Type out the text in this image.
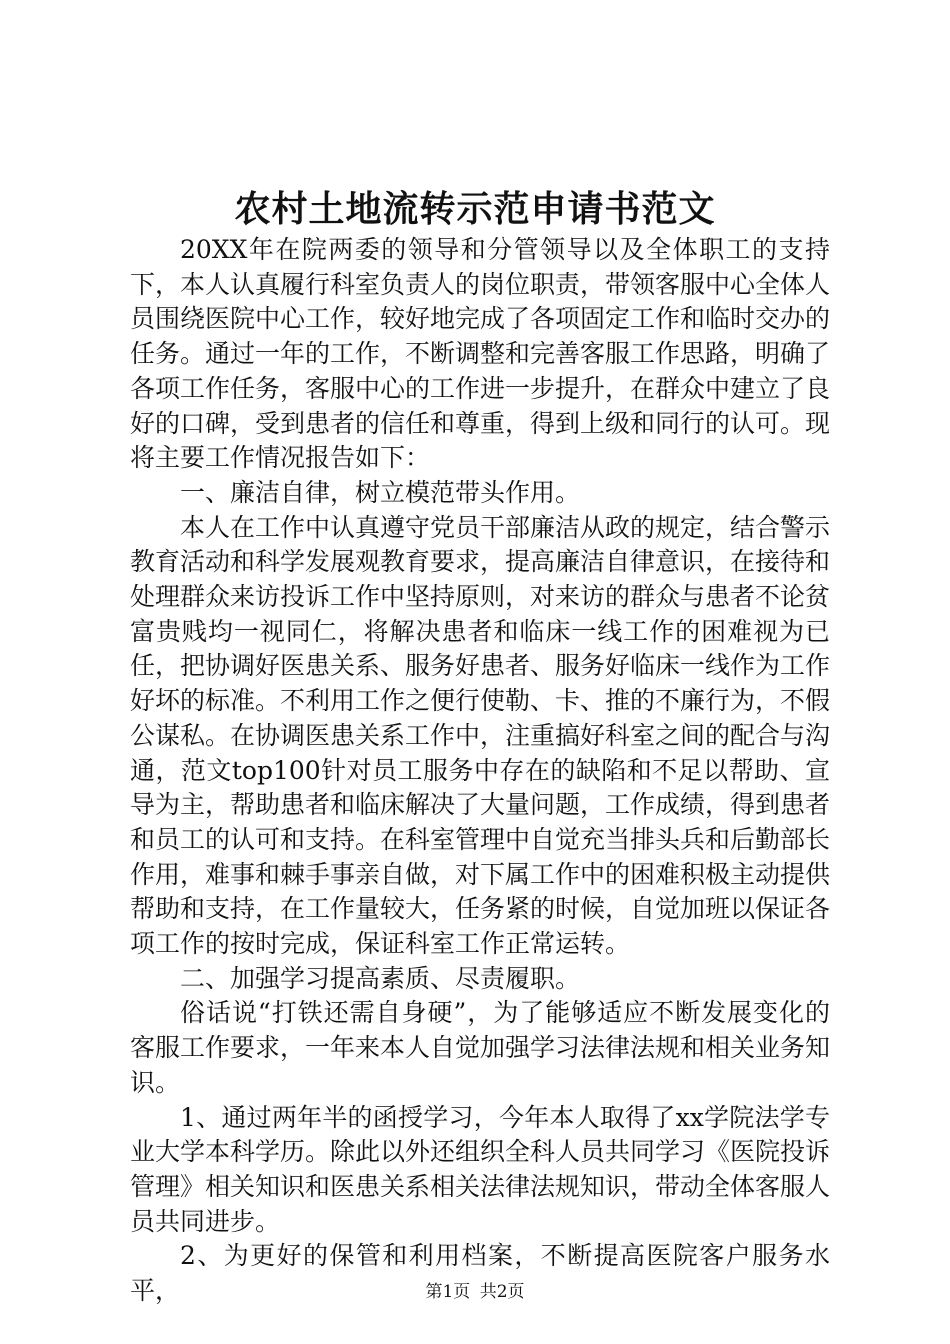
农村土地流转示范申请书范文

20XX年在院两委的领导和分管领导以及全体职工的支持下，本人认真履行科室负责人的岗位职责，带领客服中心全体人员围绕医院中心工作，较好地完成了各项固定工作和临时交办的任务。通过一年的工作，不断调整和完善客服工作思路，明确了各项工作任务，客服中心的工作进一步提升，在群众中建立了良好的口碑，受到患者的信任和尊重，得到上级和同行的认可。现将主要工作情况报告如下：

一、廉洁自律，树立模范带头作用。

本人在工作中认真遵守党员干部廉洁从政的规定，结合警示教育活动和科学发展观教育要求，提高廉洁自律意识，在接待和处理群众来访投诉工作中坚持原则，对来访的群众与患者不论贫富贵贱均一视同仁，将解决患者和临床一线工作的困难视为已任，把协调好医患关系、服务好患者、服务好临床一线作为工作好坏的标准。不利用工作之便行使勒、卡、推的不廉行为，不假公谋私。在协调医患关系工作中，注重搞好科室之间的配合与沟通，范文top100针对员工服务中存在的缺陷和不足以帮助、宣导为主，帮助患者和临床解决了大量问题，工作成绩，得到患者和员工的认可和支持。在科室管理中自觉充当排头兵和后勤部长作用，难事和棘手事亲自做，对下属工作中的困难积极主动提供帮助和支持，在工作量较大，任务紧的时候，自觉加班以保证各项工作的按时完成，保证科室工作正常运转。

二、加强学习提高素质、尽责履职。

俗话说“打铁还需自身硬”，为了能够适应不断发展变化的客服工作要求，一年来本人自觉加强学习法律法规和相关业务知识。

1、通过两年半的函授学习，今年本人取得了xx学院法学专业大学本科学历。除此以外还组织全科人员共同学习《医院投诉管理》相关知识和医患关系相关法律法规知识，带动全体客服人员共同进步。

2、为更好的保管和利用档案，不断提高医院客户服务水平，	第1页 共2页
